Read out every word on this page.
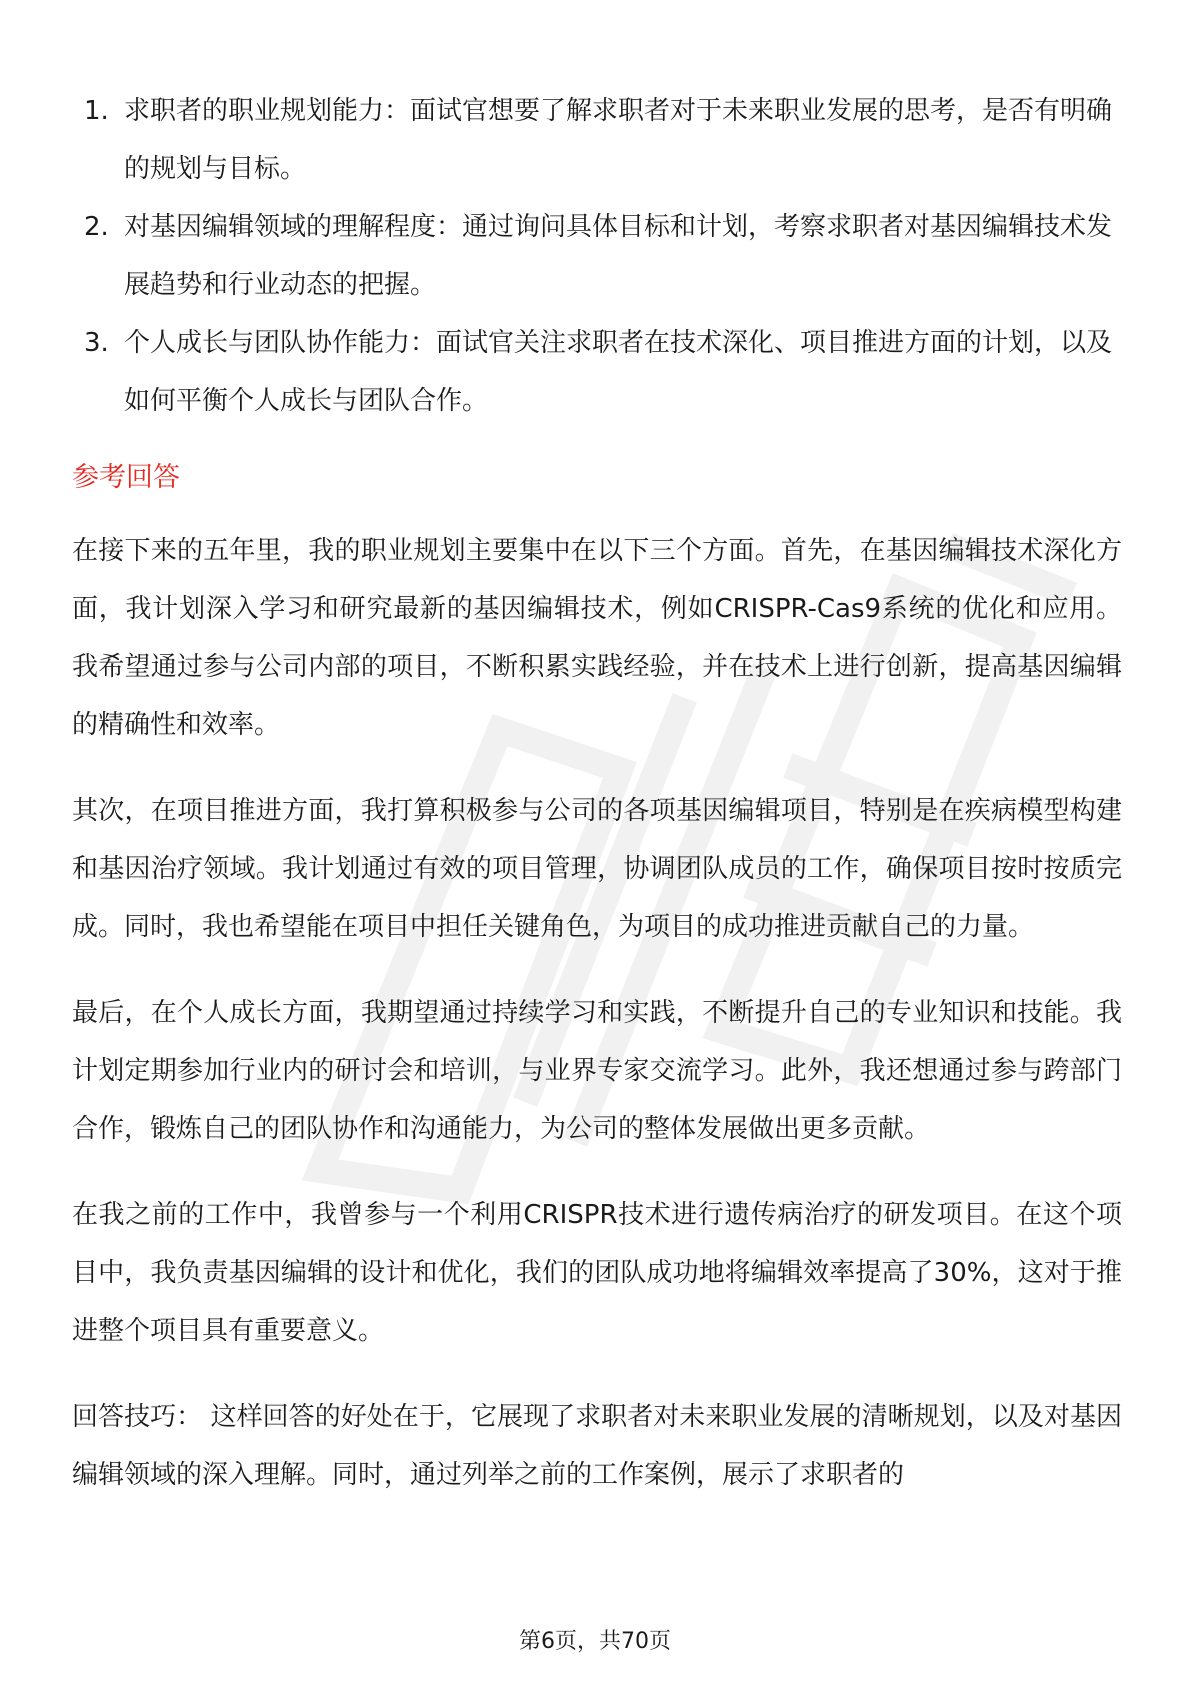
1. 求职者的职业规划能力：面试官想要了解求职者对于未来职业发展的思考，是否有明确的规划与目标。
2. 对基因编辑领域的理解程度：通过询问具体目标和计划，考察求职者对基因编辑技术发展趋势和行业动态的把握。
3. 个人成长与团队协作能力：面试官关注求职者在技术深化、项目推进方面的计划，以及如何平衡个人成长与团队合作。
参考回答

在接下来的五年里，我的职业规划主要集中在以下三个方面。首先，在基因编辑技术深化方面，我计划深入学习和研究最新的基因编辑技术，例如CRISPR-Cas9系统的优化和应用。我希望通过参与公司内部的项目，不断积累实践经验，并在技术上进行创新，提高基因编辑的精确性和效率。

其次，在项目推进方面，我打算积极参与公司的各项基因编辑项目，特别是在疾病模型构建和基因治疗领域。我计划通过有效的项目管理，协调团队成员的工作，确保项目按时按质完成。同时，我也希望能在项目中担任关键角色，为项目的成功推进贡献自己的力量。

最后，在个人成长方面，我期望通过持续学习和实践，不断提升自己的专业知识和技能。我计划定期参加行业内的研讨会和培训，与业界专家交流学习。此外，我还想通过参与跨部门合作，锻炼自己的团队协作和沟通能力，为公司的整体发展做出更多贡献。

在我之前的工作中，我曾参与一个利用CRISPR技术进行遗传病治疗的研发项目。在这个项目中，我负责基因编辑的设计和优化，我们的团队成功地将编辑效率提高了30%，这对于推进整个项目具有重要意义。

回答技巧： 这样回答的好处在于，它展现了求职者对未来职业发展的清晰规划，以及对基因编辑领域的深入理解。同时，通过列举之前的工作案例，展示了求职者的

第6页，共70页
